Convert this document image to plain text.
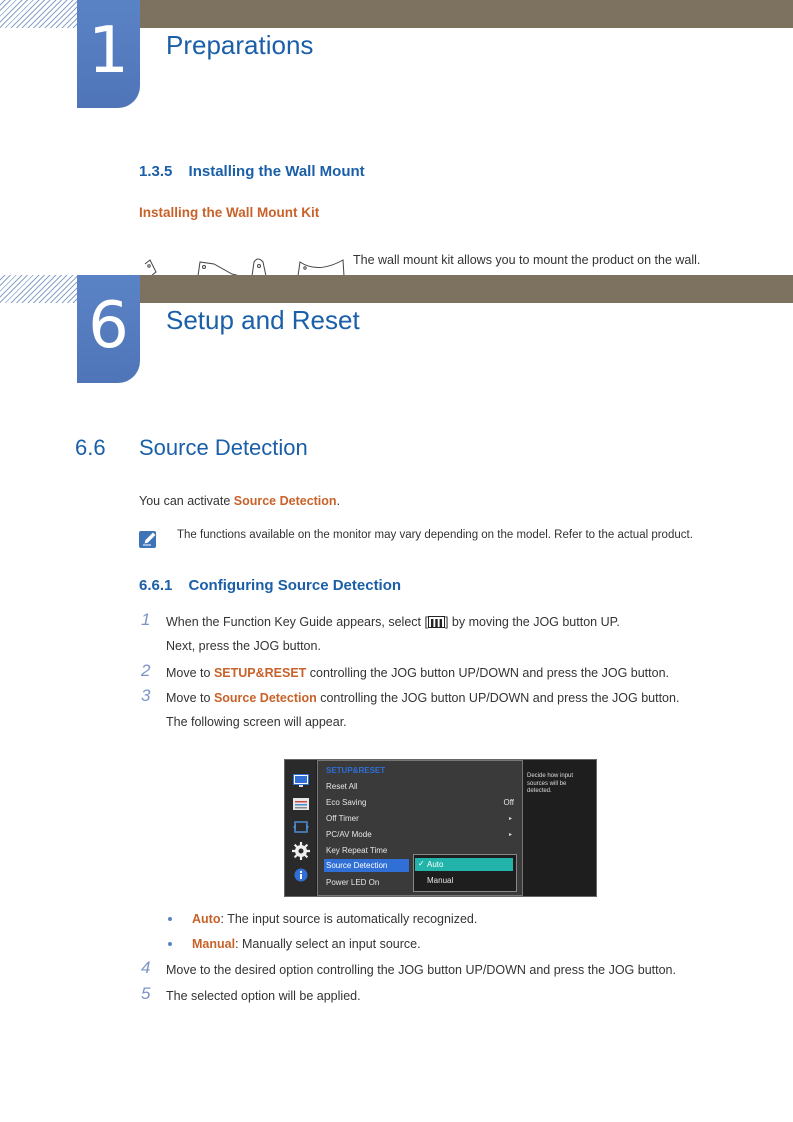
1	Preparations
1.3.5 Installing the Wall Mount
Installing the Wall Mount Kit
The wall mount kit allows you to mount the product on the wall.
6	Setup and Reset
6.6 Source Detection
You can activate Source Detection.
The functions available on the monitor may vary depending on the model. Refer to the actual product.
6.6.1 Configuring Source Detection
1 When the Function Key Guide appears, select [ ] by moving the JOG button UP.
Next, press the JOG button.
2 Move to SETUP&RESET controlling the JOG button UP/DOWN and press the JOG button.
3 Move to Source Detection controlling the JOG button UP/DOWN and press the JOG button.
The following screen will appear.
SETUP&RESET
Reset All
Eco Saving	Off
Off Timer	▸
PC/AV Mode	▸
Key Repeat Time
Source Detection
Power LED On
✓ Auto
Manual
Decide how input sources will be detected.
Auto: The input source is automatically recognized.
Manual: Manually select an input source.
4 Move to the desired option controlling the JOG button UP/DOWN and press the JOG button.
5 The selected option will be applied.
